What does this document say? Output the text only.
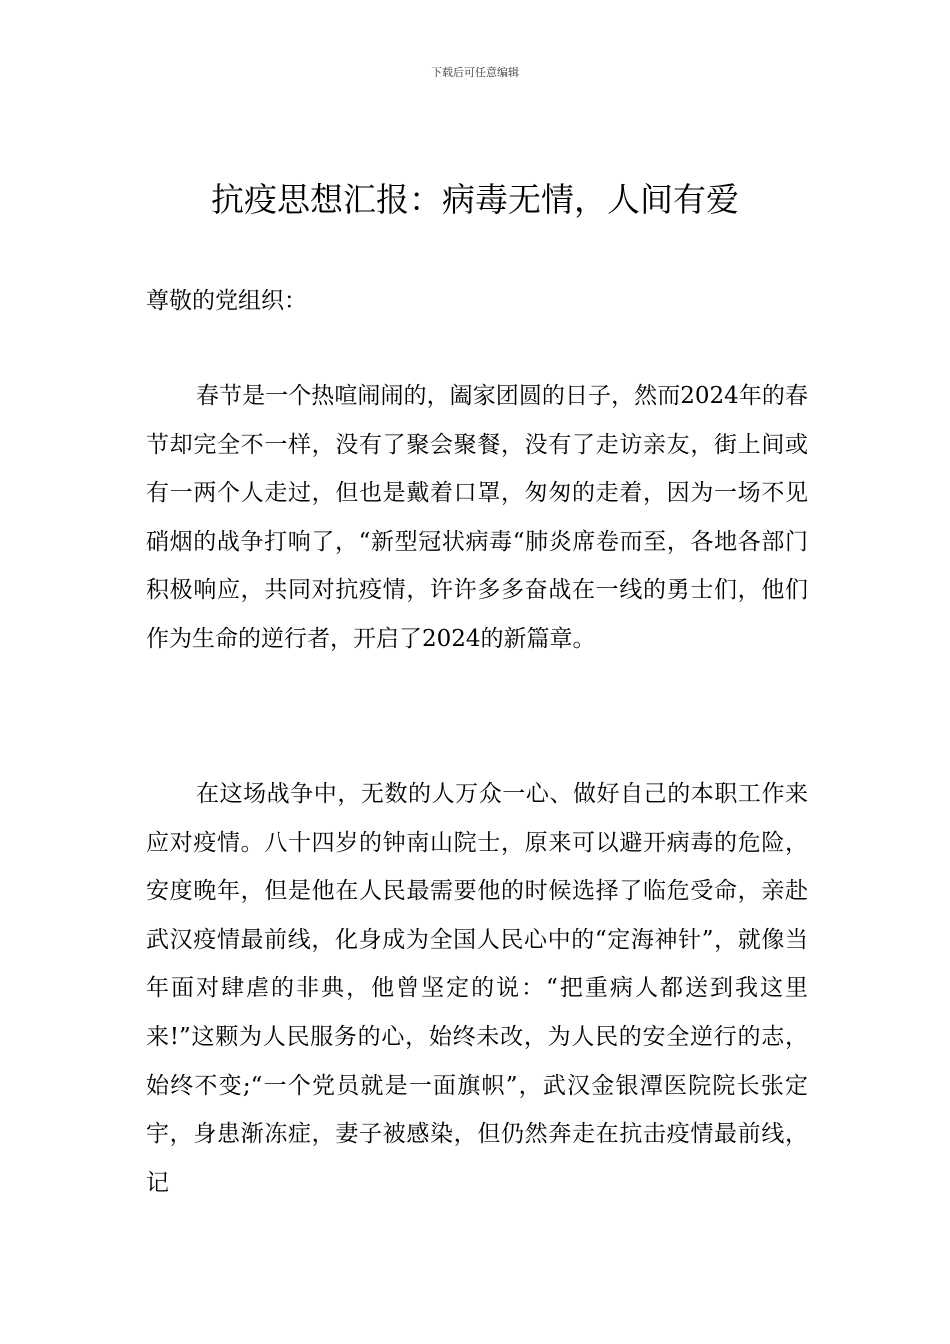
下载后可任意编辑
抗疫思想汇报：病毒无情，人间有爱

尊敬的党组织：

春节是一个热喧闹闹的，阖家团圆的日子，然而2024年的春节却完全不一样，没有了聚会聚餐，没有了走访亲友，街上间或有一两个人走过，但也是戴着口罩，匆匆的走着，因为一场不见硝烟的战争打响了，“新型冠状病毒“肺炎席卷而至，各地各部门积极响应，共同对抗疫情，许许多多奋战在一线的勇士们，他们作为生命的逆行者，开启了2024的新篇章。

在这场战争中，无数的人万众一心、做好自己的本职工作来应对疫情。八十四岁的钟南山院士，原来可以避开病毒的危险，安度晚年，但是他在人民最需要他的时候选择了临危受命，亲赴武汉疫情最前线，化身成为全国人民心中的“定海神针”，就像当年面对肆虐的非典，他曾坚定的说：“把重病人都送到我这里来!”这颗为人民服务的心，始终未改，为人民的安全逆行的志，始终不变;“一个党员就是一面旗帜”，武汉金银潭医院院长张定宇，身患渐冻症，妻子被感染，但仍然奔走在抗击疫情最前线，记
